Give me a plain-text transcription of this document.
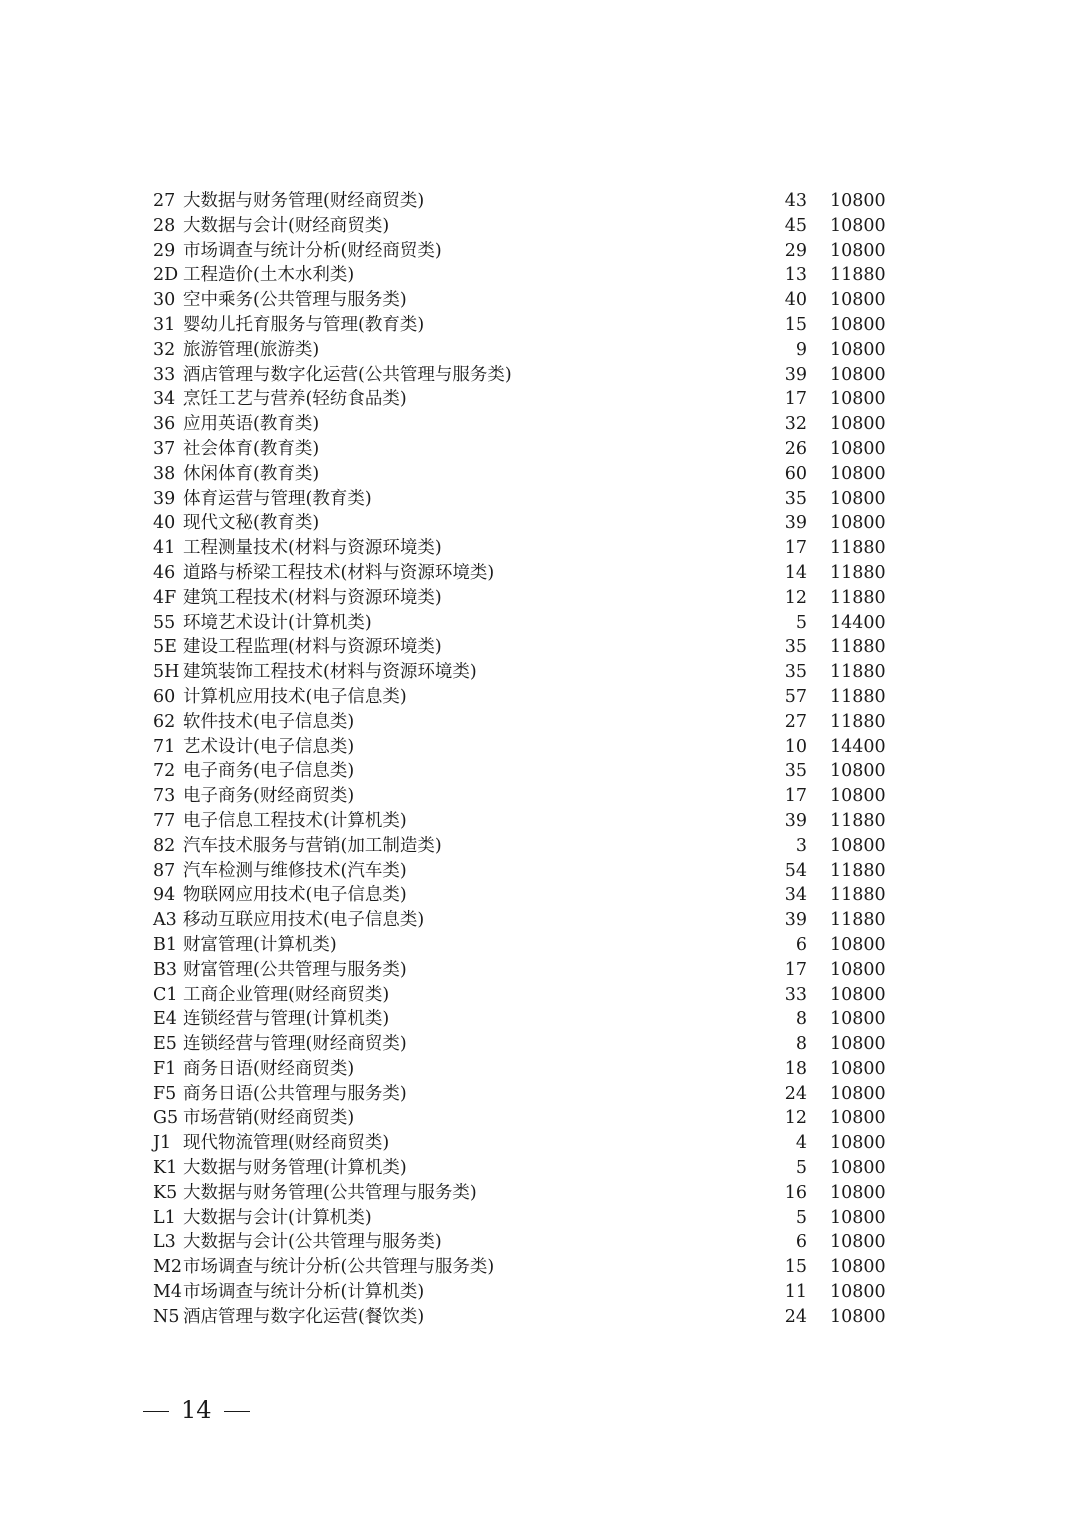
27 大数据与财务管理(财经商贸类)	43 10800
28 大数据与会计(财经商贸类)	45 10800
29 市场调查与统计分析(财经商贸类)	29 10800
2D 工程造价(土木水利类)	13 11880
30 空中乘务(公共管理与服务类)	40 10800
31 婴幼儿托育服务与管理(教育类)	15 10800
32 旅游管理(旅游类)	9 10800
33 酒店管理与数字化运营(公共管理与服务类)	39 10800
34 烹饪工艺与营养(轻纺食品类)	17 10800
36 应用英语(教育类)	32 10800
37 社会体育(教育类)	26 10800
38 休闲体育(教育类)	60 10800
39 体育运营与管理(教育类)	35 10800
40 现代文秘(教育类)	39 10800
41 工程测量技术(材料与资源环境类)	17 11880
46 道路与桥梁工程技术(材料与资源环境类)	14 11880
4F 建筑工程技术(材料与资源环境类)	12 11880
55 环境艺术设计(计算机类)	5 14400
5E 建设工程监理(材料与资源环境类)	35 11880
5H 建筑装饰工程技术(材料与资源环境类)	35 11880
60 计算机应用技术(电子信息类)	57 11880
62 软件技术(电子信息类)	27 11880
71 艺术设计(电子信息类)	10 14400
72 电子商务(电子信息类)	35 10800
73 电子商务(财经商贸类)	17 10800
77 电子信息工程技术(计算机类)	39 11880
82 汽车技术服务与营销(加工制造类)	3 10800
87 汽车检测与维修技术(汽车类)	54 11880
94 物联网应用技术(电子信息类)	34 11880
A3 移动互联应用技术(电子信息类)	39 11880
B1 财富管理(计算机类)	6 10800
B3 财富管理(公共管理与服务类)	17 10800
C1 工商企业管理(财经商贸类)	33 10800
E4 连锁经营与管理(计算机类)	8 10800
E5 连锁经营与管理(财经商贸类)	8 10800
F1 商务日语(财经商贸类)	18 10800
F5 商务日语(公共管理与服务类)	24 10800
G5 市场营销(财经商贸类)	12 10800
J1 现代物流管理(财经商贸类)	4 10800
K1 大数据与财务管理(计算机类)	5 10800
K5 大数据与财务管理(公共管理与服务类)	16 10800
L1 大数据与会计(计算机类)	5 10800
L3 大数据与会计(公共管理与服务类)	6 10800
M2 市场调查与统计分析(公共管理与服务类)	15 10800
M4 市场调查与统计分析(计算机类)	11 10800
N5 酒店管理与数字化运营(餐饮类)	24 10800
14
